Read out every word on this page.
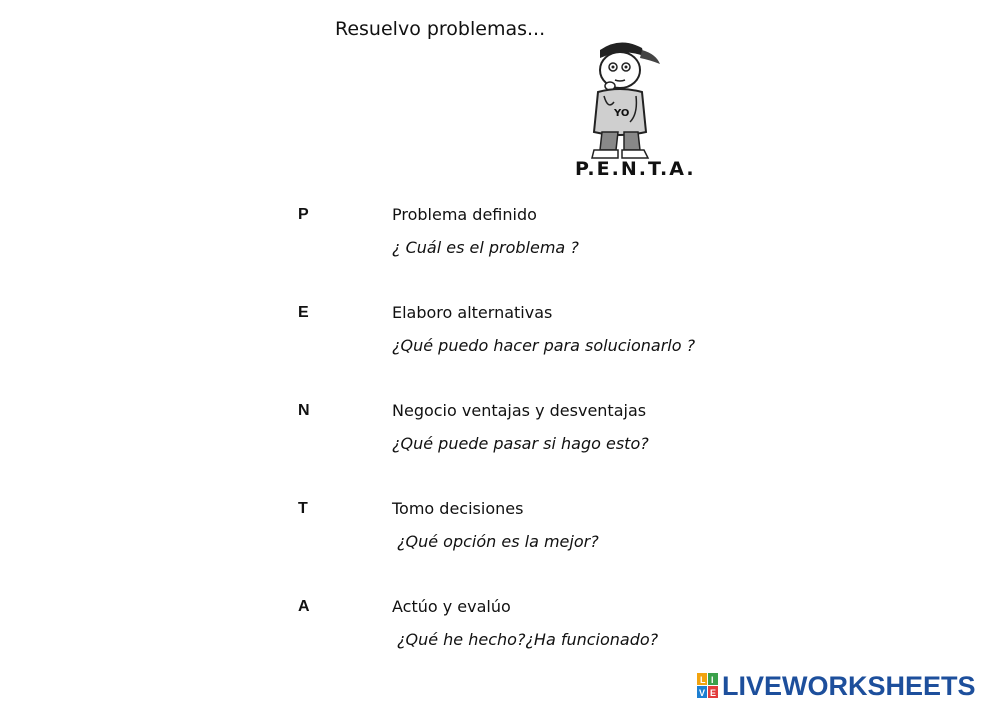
Resuelvo problemas...
YO
P.E.N.T.A.
P	Problema definido
¿ Cuál es el problema ?
E	Elaboro alternativas
¿Qué puedo hacer para solucionarlo ?
N	Negocio ventajas y desventajas
¿Qué puede pasar si hago esto?
T	Tomo decisiones
¿Qué opción es la mejor?
A	Actúo y evalúo
¿Qué he hecho?¿Ha funcionado?
L I
V E LIVEWORKSHEETS
